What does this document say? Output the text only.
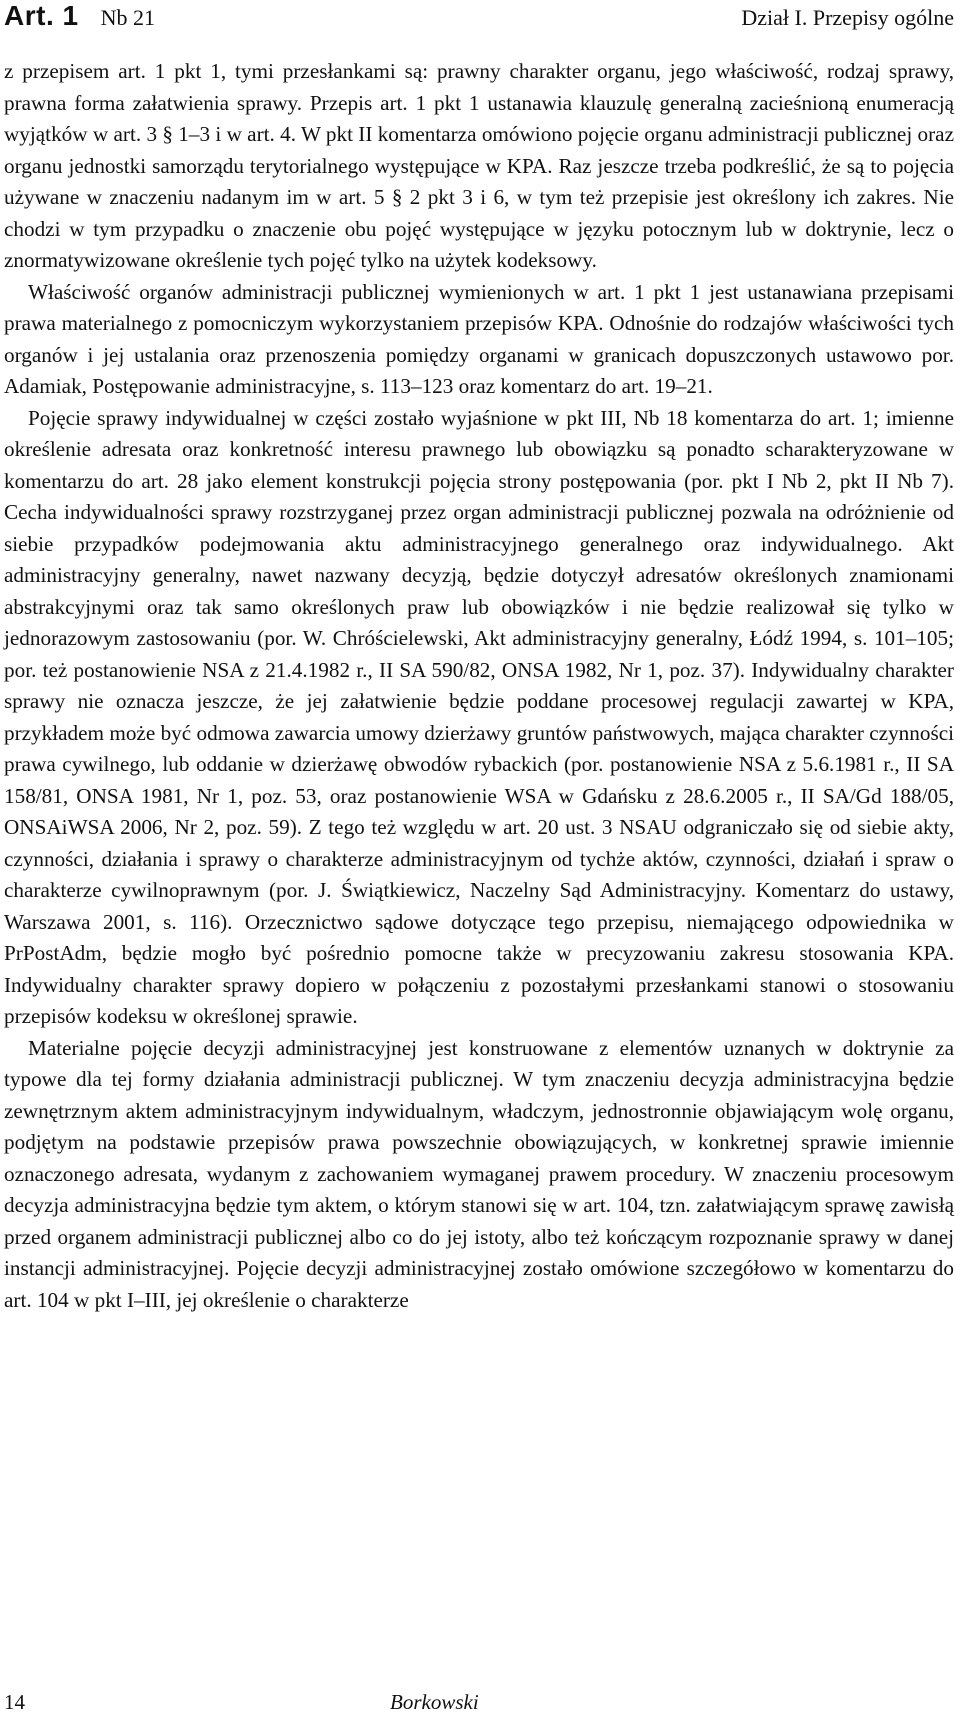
Art. 1 Nb 21	Dział I. Przepisy ogólne

z przepisem art. 1 pkt 1, tymi przesłankami są: prawny charakter organu, jego właściwość, rodzaj sprawy, prawna forma załatwienia sprawy. Przepis art. 1 pkt 1 ustanawia klauzulę generalną zacieśnioną enumeracją wyjątków w art. 3 § 1–3 i w art. 4. W pkt II komentarza omówiono pojęcie organu administracji publicznej oraz organu jednostki samorządu terytorialnego występujące w KPA. Raz jeszcze trzeba podkreślić, że są to pojęcia używane w znaczeniu nadanym im w art. 5 § 2 pkt 3 i 6, w tym też przepisie jest określony ich zakres. Nie chodzi w tym przypadku o znaczenie obu pojęć występujące w języku potocznym lub w doktrynie, lecz o znormatywizowane określenie tych pojęć tylko na użytek kodeksowy.

Właściwość organów administracji publicznej wymienionych w art. 1 pkt 1 jest ustanawiana przepisami prawa materialnego z pomocniczym wykorzystaniem przepisów KPA. Odnośnie do rodzajów właściwości tych organów i jej ustalania oraz przenoszenia pomiędzy organami w granicach dopuszczonych ustawowo por. Adamiak, Postępowanie administracyjne, s. 113–123 oraz komentarz do art. 19–21.

Pojęcie sprawy indywidualnej w części zostało wyjaśnione w pkt III, Nb 18 komentarza do art. 1; imienne określenie adresata oraz konkretność interesu prawnego lub obowiązku są ponadto scharakteryzowane w komentarzu do art. 28 jako element konstrukcji pojęcia strony postępowania (por. pkt I Nb 2, pkt II Nb 7). Cecha indywidualności sprawy rozstrzyganej przez organ administracji publicznej pozwala na odróżnienie od siebie przypadków podejmowania aktu administracyjnego generalnego oraz indywidualnego. Akt administracyjny generalny, nawet nazwany decyzją, będzie dotyczył adresatów określonych znamionami abstrakcyjnymi oraz tak samo określonych praw lub obowiązków i nie będzie realizował się tylko w jednorazowym zastosowaniu (por. W. Chróścielewski, Akt administracyjny generalny, Łódź 1994, s. 101–105; por. też postanowienie NSA z 21.4.1982 r., II SA 590/82, ONSA 1982, Nr 1, poz. 37). Indywidualny charakter sprawy nie oznacza jeszcze, że jej załatwienie będzie poddane procesowej regulacji zawartej w KPA, przykładem może być odmowa zawarcia umowy dzierżawy gruntów państwowych, mająca charakter czynności prawa cywilnego, lub oddanie w dzierżawę obwodów rybackich (por. postanowienie NSA z 5.6.1981 r., II SA 158/81, ONSA 1981, Nr 1, poz. 53, oraz postanowienie WSA w Gdańsku z 28.6.2005 r., II SA/Gd 188/05, ONSAiWSA 2006, Nr 2, poz. 59). Z tego też względu w art. 20 ust. 3 NSAU odgraniczało się od siebie akty, czynności, działania i sprawy o charakterze administracyjnym od tychże aktów, czynności, działań i spraw o charakterze cywilnoprawnym (por. J. Świątkiewicz, Naczelny Sąd Administracyjny. Komentarz do ustawy, Warszawa 2001, s. 116). Orzecznictwo sądowe dotyczące tego przepisu, niemającego odpowiednika w PrPostAdm, będzie mogło być pośrednio pomocne także w precyzowaniu zakresu stosowania KPA. Indywidualny charakter sprawy dopiero w połączeniu z pozostałymi przesłankami stanowi o stosowaniu przepisów kodeksu w określonej sprawie.

Materialne pojęcie decyzji administracyjnej jest konstruowane z elementów uznanych w doktrynie za typowe dla tej formy działania administracji publicznej. W tym znaczeniu decyzja administracyjna będzie zewnętrznym aktem administracyjnym indywidualnym, władczym, jednostronnie objawiającym wolę organu, podjętym na podstawie przepisów prawa powszechnie obowiązujących, w konkretnej sprawie imiennie oznaczonego adresata, wydanym z zachowaniem wymaganej prawem procedury. W znaczeniu procesowym decyzja administracyjna będzie tym aktem, o którym stanowi się w art. 104, tzn. załatwiającym sprawę zawisłą przed organem administracji publicznej albo co do jej istoty, albo też kończącym rozpoznanie sprawy w danej instancji administracyjnej. Pojęcie decyzji administracyjnej zostało omówione szczegółowo w komentarzu do art. 104 w pkt I–III, jej określenie o charakterze

14	Borkowski
